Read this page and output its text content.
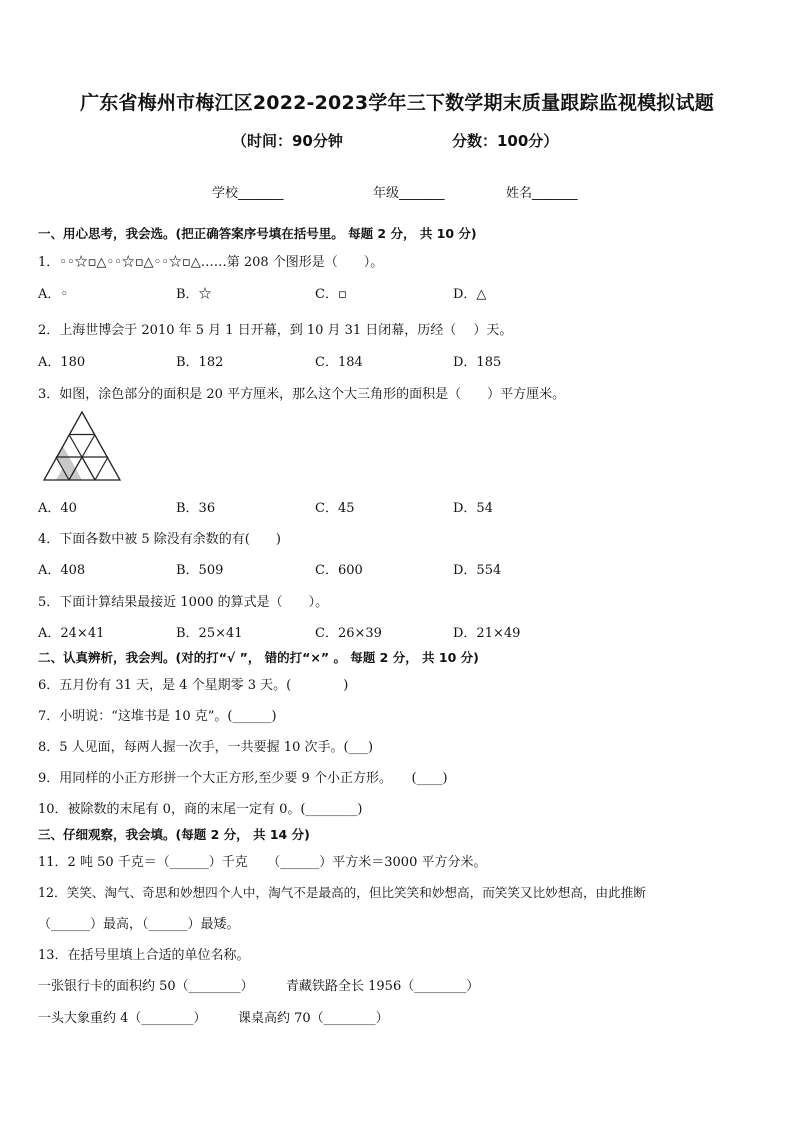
广东省梅州市梅江区2022-2023学年三下数学期末质量跟踪监视模拟试题
（时间：90分钟	分数：100分）
学校_______	年级_______	姓名_______
一、用心思考，我会选。(把正确答案序号填在括号里。 每题 2 分， 共 10 分)
1．◦◦☆▫△◦◦☆▫△◦◦☆▫△……第 208 个图形是（　　）。
A．◦	B．☆	C．▫	D．△
2．上海世博会于 2010 年 5 月 1 日开幕，到 10 月 31 日闭幕，历经（　 ）天。
A．180	B．182	C．184	D．185
3．如图，涂色部分的面积是 20 平方厘米，那么这个大三角形的面积是（　　）平方厘米。
A．40	B．36	C．45	D．54
4．下面各数中被 5 除没有余数的有(　　)
A．408	B．509	C．600	D．554
5．下面计算结果最接近 1000 的算式是（　　）。
A．24×41	B．25×41	C．26×39	D．21×49
二、认真辨析，我会判。(对的打“√ ”， 错的打“×” 。 每题 2 分， 共 10 分)
6．五月份有 31 天，是 4 个星期零 3 天。(　　　　)
7．小明说：“这堆书是 10 克”。(______)
8．5 人见面，每两人握一次手，一共要握 10 次手。(___)
9．用同样的小正方形拼一个大正方形,至少要 9 个小正方形。　　(____)
10．被除数的末尾有 0，商的末尾一定有 0。(________)
三、仔细观察，我会填。(每题 2 分， 共 14 分)
11．2 吨 50 千克＝（______）千克　　（______）平方米＝3000 平方分米。
12．笑笑、淘气、奇思和妙想四个人中，淘气不是最高的，但比笑笑和妙想高，而笑笑又比妙想高，由此推断
（______）最高，（______）最矮。
13．在括号里填上合适的单位名称。
一张银行卡的面积约 50（________） 青藏铁路全长 1956（________）
一头大象重约 4（________） 课桌高约 70（________）
